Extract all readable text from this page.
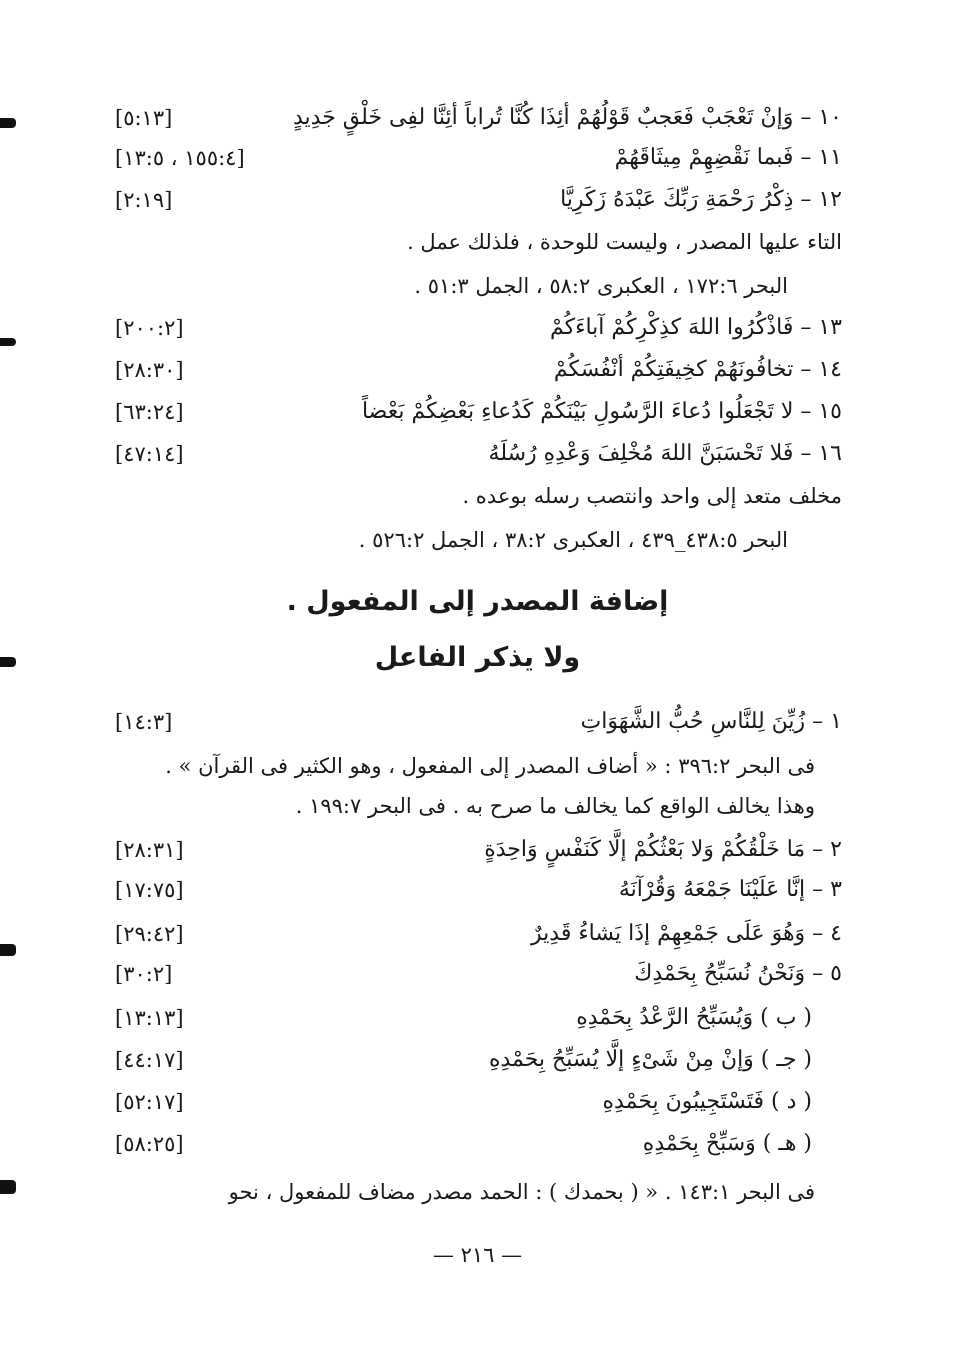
١٠ – وَإنْ تَعْجَبْ فَعَجبٌ قَوْلُهُمْ أئِذَا كُنَّا تُراباً أئِنَّا لفِى خَلْقٍ جَدِيدٍ
[٥:١٣]
١١ – فَبما نَقْضِهِمْ مِيثَاقَهُمْ
[١٥٥:٤ ، ١٣:٥]
١٢ – ذِكْرُ رَحْمَةِ رَبِّكَ عَبْدَهُ زَكَرِيَّا
[٢:١٩]
التاء عليها المصدر ، وليست للوحدة ، فلذلك عمل .
البحر ١٧٢:٦ ، العكبرى ٥٨:٢ ، الجمل ٥١:٣ .
١٣ – فَاذْكُرُوا اللهَ كذِكْرِكُمْ آباءَكُمْ
[٢٠٠:٢]
١٤ – تخافُونَهُمْ كخِيفَتِكُمْ أنْفُسَكُمْ
[٢٨:٣٠]
١٥ – لا تَجْعَلُوا دُعاءَ الرَّسُولِ بَيْنَكُمْ كَدُعاءِ بَعْضِكُمْ بَعْضاً
[٦٣:٢٤]
١٦ – فَلا تَحْسَبَنَّ اللهَ مُخْلِفَ وَعْدِهِ رُسُلَهُ
[٤٧:١٤]
مخلف متعد إلى واحد وانتصب رسله بوعده .
البحر ٤٣٨:٥_٤٣٩ ، العكبرى ٣٨:٢ ، الجمل ٥٢٦:٢ .
إضافة المصدر إلى المفعول .
ولا يذكر الفاعل
١ – زُيِّنَ لِلنَّاسِ حُبُّ الشَّهَوَاتِ
[١٤:٣]
فى البحر ٣٩٦:٢ : « أضاف المصدر إلى المفعول ، وهو الكثير فى القرآن » .
وهذا يخالف الواقع كما يخالف ما صرح به . فى البحر ١٩٩:٧ .
٢ – مَا خَلْقُكُمْ وَلا بَعْثُكُمْ إلَّا كَنَفْسٍ وَاحِدَةٍ
[٢٨:٣١]
٣ – إنَّا عَلَيْنَا جَمْعَهُ وَقُرْآنَهُ
[١٧:٧٥]
٤ – وَهُوَ عَلَى جَمْعِهِمْ إذَا يَشاءُ قَدِيرٌ
[٢٩:٤٢]
٥ – وَنَحْنُ نُسَبِّحُ بِحَمْدِكَ
[٣٠:٢]
( ب ) وَيُسَبِّحُ الرَّعْدُ بِحَمْدِهِ
[١٣:١٣]
( جـ ) وَإنْ مِنْ شَىْءٍ إلَّا يُسَبِّحُ بِحَمْدِهِ
[٤٤:١٧]
( د ) فَتَسْتَجِيبُونَ بِحَمْدِهِ
[٥٢:١٧]
( هـ ) وَسَبِّحْ بِحَمْدِهِ
[٥٨:٢٥]
فى البحر ١٤٣:١ . « ( بحمدك ) : الحمد مصدر مضاف للمفعول ، نحو
— ٢١٦ —
